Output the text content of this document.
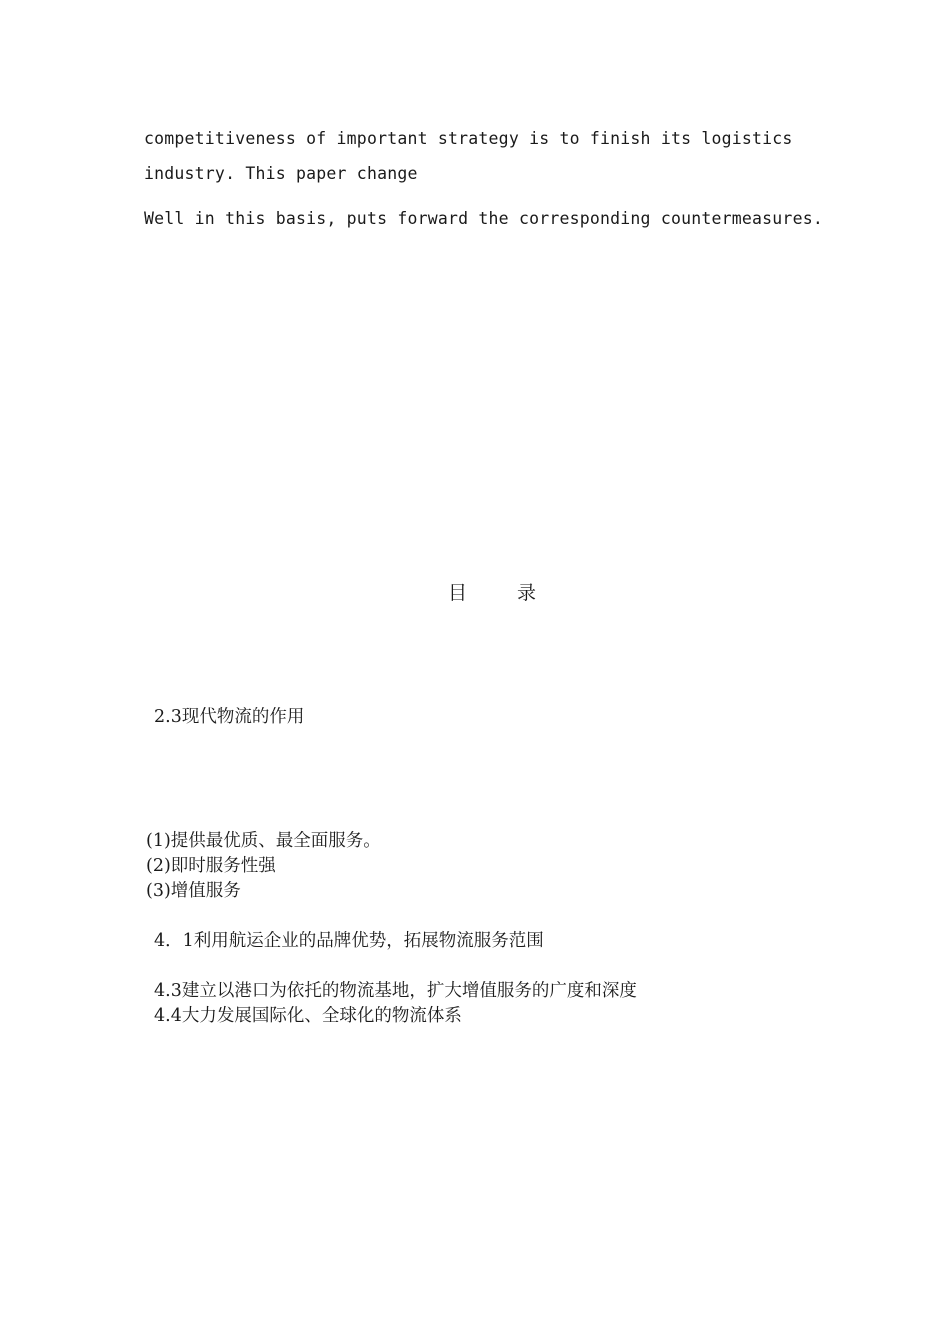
competitiveness of important strategy is to finish its logistics
industry. This paper change
Well in this basis, puts forward the corresponding countermeasures.
目 录
2.3现代物流的作用
(1)提供最优质、最全面服务。
(2)即时服务性强
(3)增值服务
4．1利用航运企业的品牌优势，拓展物流服务范围
4.3建立以港口为依托的物流基地，扩大增值服务的广度和深度
4.4大力发展国际化、全球化的物流体系
